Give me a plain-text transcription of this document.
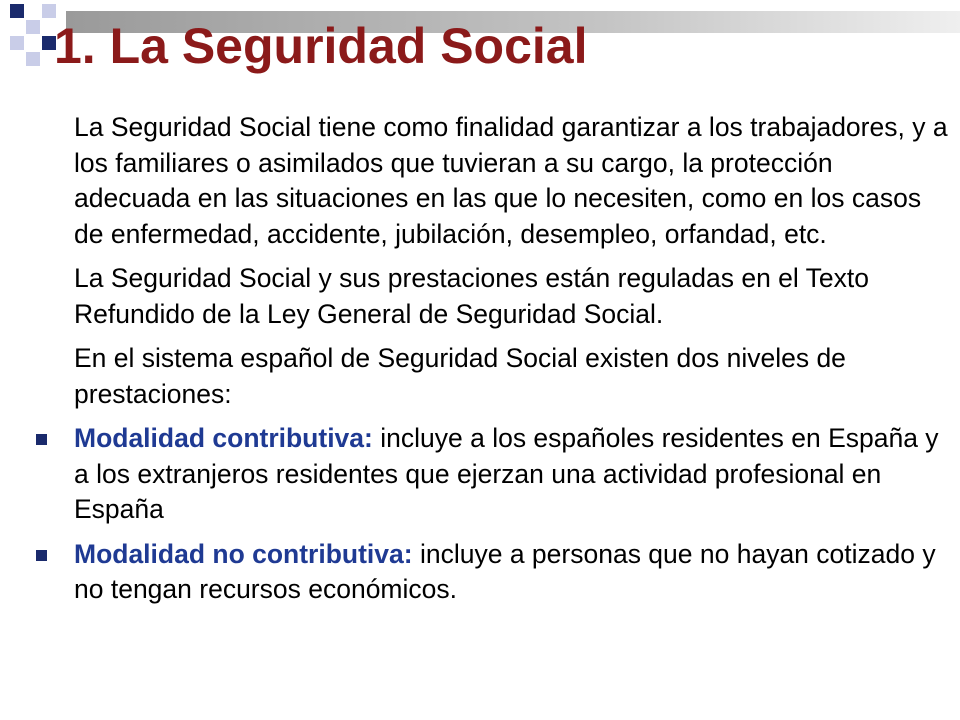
1. La Seguridad Social

La Seguridad Social tiene como finalidad garantizar a los trabajadores, y a los familiares o asimilados que tuvieran a su cargo, la protección adecuada en las situaciones en las que lo necesiten, como en los casos de enfermedad, accidente, jubilación, desempleo, orfandad, etc.

La Seguridad Social y sus prestaciones están reguladas en el Texto Refundido de la Ley General de Seguridad Social.

En el sistema español de Seguridad Social existen dos niveles de prestaciones:

Modalidad contributiva: incluye a los españoles residentes en España y a los extranjeros residentes que ejerzan una actividad profesional en España

Modalidad no contributiva: incluye a personas que no hayan cotizado y no tengan recursos económicos.
